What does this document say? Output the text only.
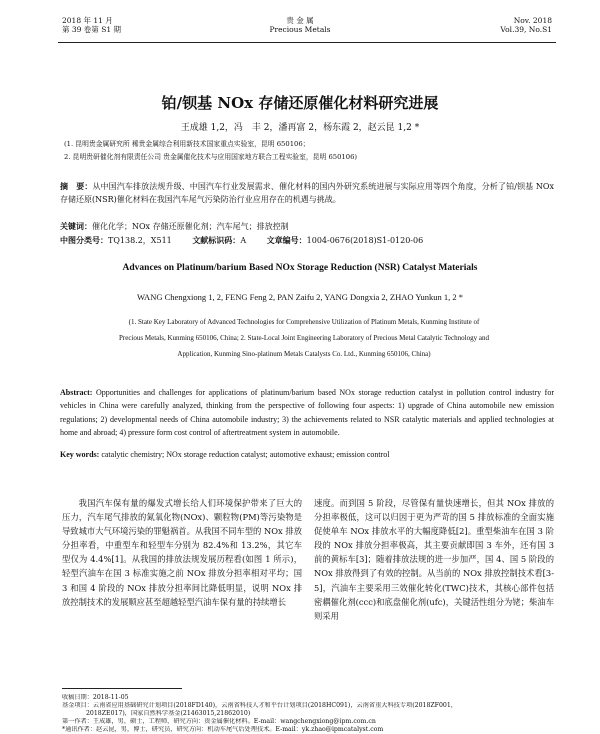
2018 年 11 月
第 39 卷第 S1 期
贵 金 属
Precious Metals
Nov. 2018
Vol.39, No.S1
铂/钡基 NOx 存储还原催化材料研究进展
王成雄 1,2，冯　丰 2，潘再富 2，杨东霞 2，赵云昆 1,2 *
(1. 昆明贵金属研究所 稀贵金属综合利用新技术国家重点实验室，昆明 650106；
2. 昆明贵研催化剂有限责任公司 贵金属催化技术与应用国家地方联合工程实验室，昆明 650106)
摘　要：从中国汽车排放法规升级、中国汽车行业发展需求、催化材料的国内外研究系统进展与实际应用等四个角度，分析了铂/钡基 NOx 存储还原(NSR)催化材料在我国汽车尾气污染防治行业应用存在的机遇与挑战。
关键词：催化化学；NOx 存储还原催化剂；汽车尾气；排放控制
中图分类号：TQ138.2，X511	文献标识码：A	文章编号：1004-0676(2018)S1-0120-06
Advances on Platinum/barium Based NOx Storage Reduction (NSR) Catalyst Materials
WANG Chengxiong 1, 2, FENG Feng 2, PAN Zaifu 2, YANG Dongxia 2, ZHAO Yunkun 1, 2 *
(1. State Key Laboratory of Advanced Technologies for Comprehensive Utilization of Platinum Metals, Kunming Institute of
Precious Metals, Kunming 650106, China; 2. State-Local Joint Engineering Laboratory of Precious Metal Catalytic Technology and
Application, Kunming Sino-platinum Metals Catalysts Co. Ltd., Kunming 650106, China)
Abstract: Opportunities and challenges for applications of platinum/barium based NOx storage reduction catalyst in pollution control industry for vehicles in China were carefully analyzed, thinking from the perspective of following four aspects: 1) upgrade of China automobile new emission regulations; 2) developmental needs of China automobile industry; 3) the achievements related to NSR catalytic materials and applied technologies at home and abroad; 4) pressure form cost control of aftertreatment system in automobile.
Key words: catalytic chemistry; NOx storage reduction catalyst; automotive exhaust; emission control

我国汽车保有量的爆发式增长给人们环境保护带来了巨大的压力，汽车尾气排放的氮氧化物(NOx)、颗粒物(PM)等污染物是导致城市大气环境污染的罪魁祸首。从我国不同车型的 NOx 排放分担率看，中重型车和轻型车分别为 82.4%和 13.2%，其它车型仅为 4.4%[1]。从我国的排放法规发展历程看(如图 1 所示)，轻型汽油车在国 3 标准实施之前 NOx 排放分担率相对平均；国 3 和国 4 阶段的 NOx 排放分担率间比降低明显，说明 NOx 排放控制技术的发展顺应甚至超越轻型汽油车保有量的持续增长

速度。而到国 5 阶段，尽管保有量快速增长，但其 NOx 排放的分担率极低，这可以归因于更为严苛的国 5 排放标准的全面实施促使单车 NOx 排放水平的大幅度降低[2]。重型柴油车在国 3 阶段的 NOx 排放分担率极高，其主要贡献即国 3 车外，还有国 3 前的黄标车[3]；随着排放法规的进一步加严，国 4、国 5 阶段的 NOx 排放得到了有效的控制。从当前的 NOx 排放控制技术看[3-5]，汽油车主要采用三效催化转化(TWC)技术，其核心部件包括密耦催化剂(ccc)和底盘催化剂(ufc)，关键活性组分为铑；柴油车则采用

收稿日期：2018-11-05
基金项目：云南省应用基础研究计划项目(2018FD140)，云南省科技人才和平台计划项目(2018HC091)，云南省重大科技专项(2018ZF001，
2018ZE017)，国家自然科学基金(21463015,21862010)
第一作者：王成雄，男，硕士，工程师，研究方向：贵金属催化材料。E-mail：wangchengxiong@ipm.com.cn
*通讯作者：赵云昆，男，博士，研究员，研究方向：机动车尾气后处理技术。E-mail：yk.zhao@ipmcatalyst.com
